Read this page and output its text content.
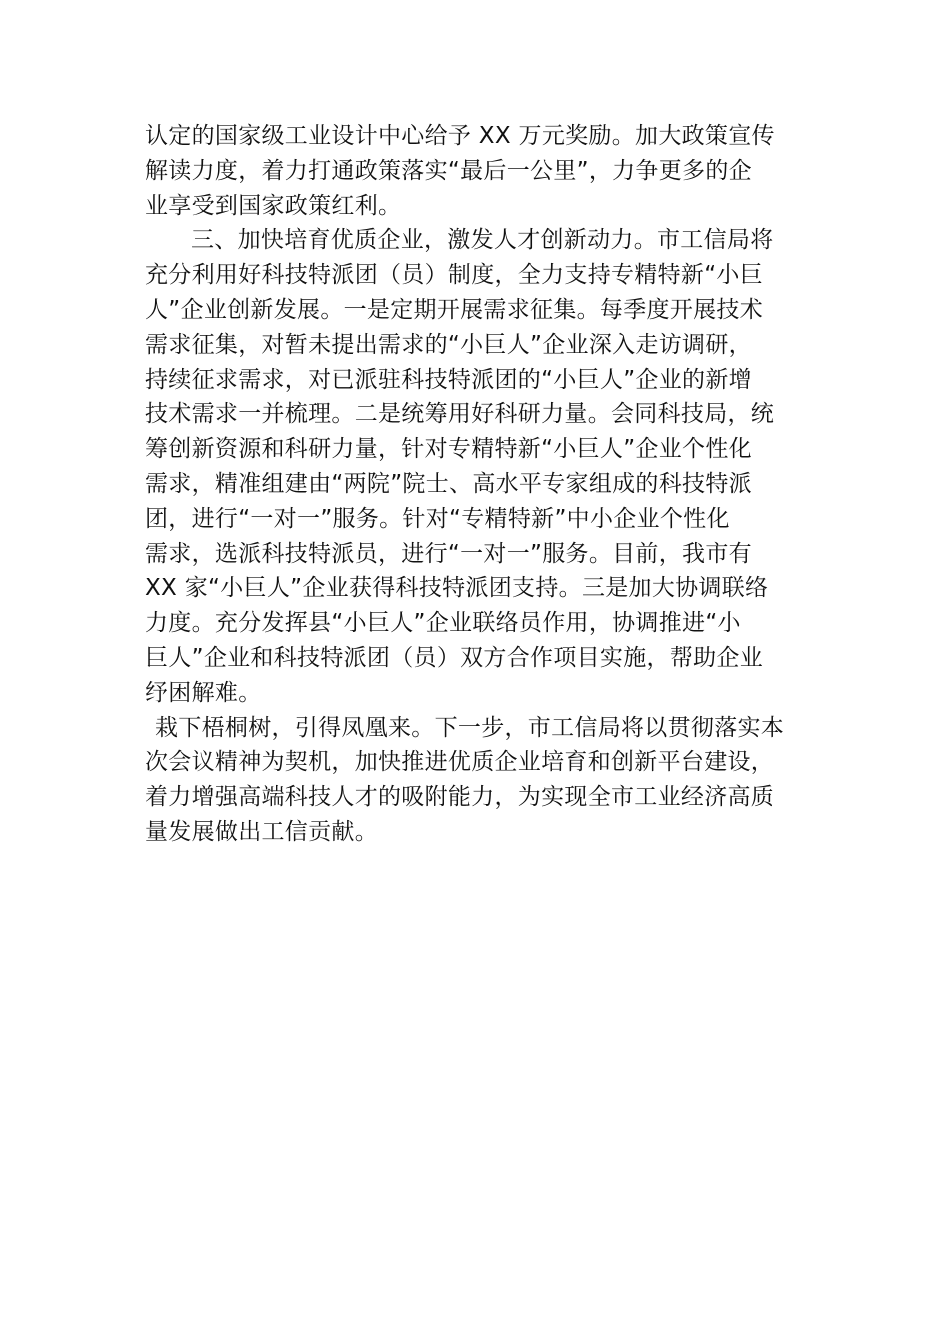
认定的国家级工业设计中心给予 XX 万元奖励。加大政策宣传
解读力度，着力打通政策落实“最后一公里”，力争更多的企
业享受到国家政策红利。
三、加快培育优质企业，激发人才创新动力。市工信局将
充分利用好科技特派团（员）制度，全力支持专精特新“小巨
人”企业创新发展。一是定期开展需求征集。每季度开展技术
需求征集，对暂未提出需求的“小巨人”企业深入走访调研，
持续征求需求，对已派驻科技特派团的“小巨人”企业的新增
技术需求一并梳理。二是统筹用好科研力量。会同科技局，统
筹创新资源和科研力量，针对专精特新“小巨人”企业个性化
需求，精准组建由“两院”院士、高水平专家组成的科技特派
团，进行“一对一”服务。针对“专精特新”中小企业个性化
需求，选派科技特派员，进行“一对一”服务。目前，我市有
XX 家“小巨人”企业获得科技特派团支持。三是加大协调联络
力度。充分发挥县“小巨人”企业联络员作用，协调推进“小
巨人”企业和科技特派团（员）双方合作项目实施，帮助企业
纾困解难。
栽下梧桐树，引得凤凰来。下一步，市工信局将以贯彻落实本
次会议精神为契机，加快推进优质企业培育和创新平台建设，
着力增强高端科技人才的吸附能力，为实现全市工业经济高质
量发展做出工信贡献。
